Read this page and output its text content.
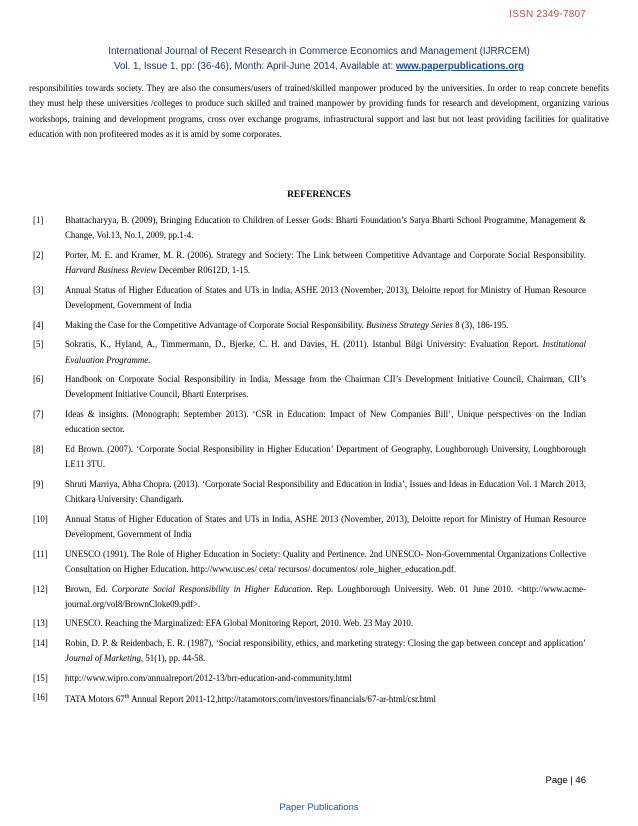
ISSN 2349-7807
International Journal of Recent Research in Commerce Economics and Management (IJRRCEM)
Vol. 1, Issue 1, pp: (36-46), Month: April-June 2014, Available at: www.paperpublications.org
responsibilities towards society. They are also the consumers/users of trained/skilled manpower produced by the universities. In order to reap concrete benefits they must help these universities /colleges to produce such skilled and trained manpower by providing funds for research and development, organizing various workshops, training and development programs, cross over exchange programs, infrastructural support and last but not least providing facilities for qualitative education with non profiteered modes as it is amid by some corporates.
REFERENCES
[1] Bhattacharyya, B. (2009), Bringing Education to Children of Lesser Gods: Bharti Foundation’s Satya Bharti School Programme, Management & Change, Vol.13, No.1, 2009, pp.1-4.
[2] Porter, M. E. and Kramer, M. R. (2006). Strategy and Society: The Link between Competitive Advantage and Corporate Social Responsibility. Harvard Business Review December R0612D, 1-15.
[3] Annual Status of Higher Education of States and UTs in India, ASHE 2013 (November, 2013), Deloitte report for Ministry of Human Resource Development, Government of India
[4] Making the Case for the Competitive Advantage of Corporate Social Responsibility. Business Strategy Series 8 (3), 186-195.
[5] Sokratis, K., Hyland, A., Timmermann, D., Bjerke, C. H. and Davies, H. (2011). Istanbul Bilgi University: Evaluation Report. Institutional Evaluation Programme.
[6] Handbook on Corporate Social Responsibility in India, Message from the Chairman CII’s Development Initiative Council, Chairman, CII’s Development Initiative Council, Bharti Enterprises.
[7] Ideas & insights. (Monograph: September 2013). ‘CSR in Education: Impact of New Companies Bill’, Unique perspectives on the Indian education sector.
[8] Ed Brown. (2007). ‘Corporate Social Responsibility in Higher Education’ Department of Geography, Loughborough University, Loughborough LE11 3TU.
[9] Shruti Marriya, Abha Chopra. (2013). ‘Corporate Social Responsibility and Education in India’, Issues and Ideas in Education Vol. 1 March 2013, Chitkara University: Chandigarh.
[10] Annual Status of Higher Education of States and UTs in India, ASHE 2013 (November, 2013), Deloitte report for Ministry of Human Resource Development, Government of India
[11] UNESCO (1991). The Role of Higher Education in Society: Quality and Pertinence. 2nd UNESCO- Non-Governmental Organizations Collective Consultation on Higher Education. http://www.usc.es/ ceta/ recursos/ documentos/ role_higher_education.pdf.
[12] Brown, Ed. Corporate Social Responsibility in Higher Education. Rep. Loughborough University. Web. 01 June 2010. <http://www.acme-journal.org/vol8/BrownCloke09.pdf>.
[13] UNESCO. Reaching the Marginalized: EFA Global Monitoring Report, 2010. Web. 23 May 2010.
[14] Robin, D. P. & Reidenbach, E. R. (1987), ‘Social responsibility, ethics, and marketing strategy: Closing the gap between concept and application’ Journal of Marketing, 51(1), pp. 44-58.
[15] http://www.wipro.com/annualreport/2012-13/brr-education-and-community.html
[16] TATA Motors 67th Annual Report 2011-12,http://tatamotors.com/investors/financials/67-ar-html/csr.html
Page | 46
Paper Publications
